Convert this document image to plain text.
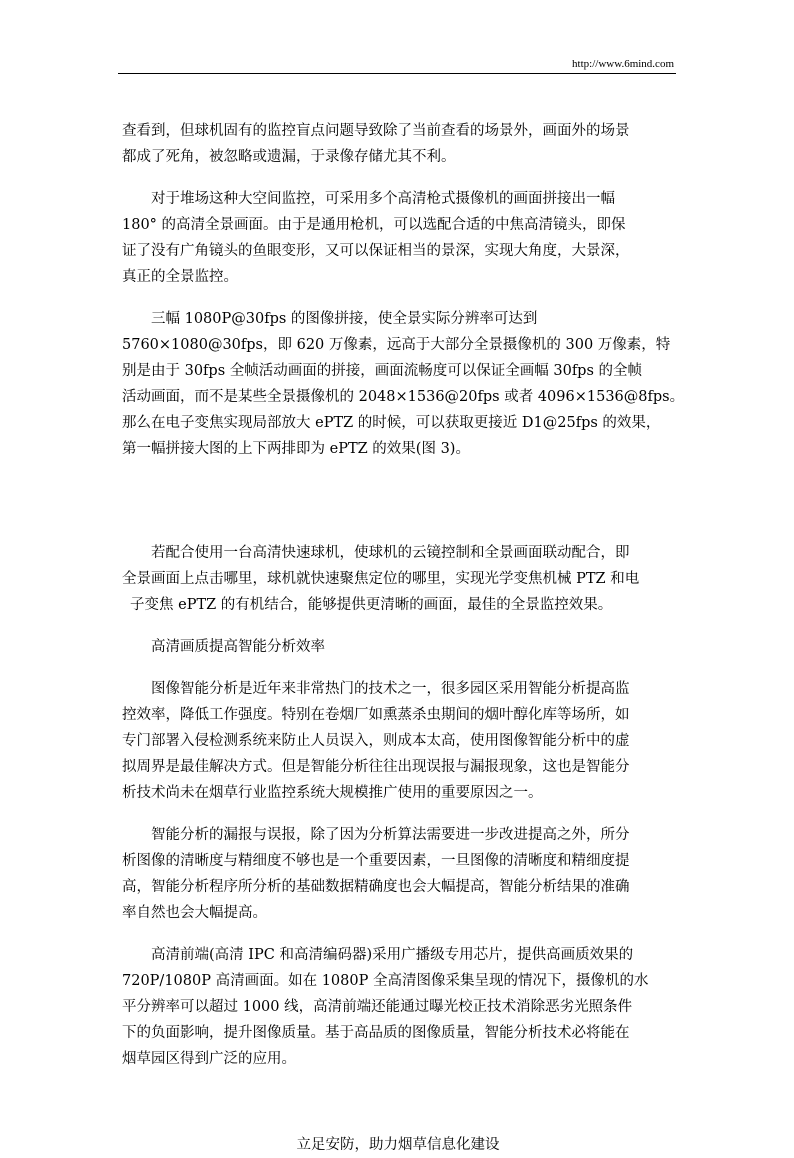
http://www.6mind.com

查看到，但球机固有的监控盲点问题导致除了当前查看的场景外，画面外的场景
都成了死角，被忽略或遗漏，于录像存储尤其不利。

对于堆场这种大空间监控，可采用多个高清枪式摄像机的画面拼接出一幅
180° 的高清全景画面。由于是通用枪机，可以选配合适的中焦高清镜头，即保
证了没有广角镜头的鱼眼变形，又可以保证相当的景深，实现大角度，大景深，
真正的全景监控。

三幅 1080P@30fps 的图像拼接，使全景实际分辨率可达到
5760×1080@30fps，即 620 万像素，远高于大部分全景摄像机的 300 万像素，特
别是由于 30fps 全帧活动画面的拼接，画面流畅度可以保证全画幅 30fps 的全帧
活动画面，而不是某些全景摄像机的 2048×1536@20fps 或者 4096×1536@8fps。
那么在电子变焦实现局部放大 ePTZ 的时候，可以获取更接近 D1@25fps 的效果，
第一幅拼接大图的上下两排即为 ePTZ 的效果(图 3)。

若配合使用一台高清快速球机，使球机的云镜控制和全景画面联动配合，即
全景画面上点击哪里，球机就快速聚焦定位的哪里，实现光学变焦机械 PTZ 和电
子变焦 ePTZ 的有机结合，能够提供更清晰的画面，最佳的全景监控效果。

高清画质提高智能分析效率

图像智能分析是近年来非常热门的技术之一，很多园区采用智能分析提高监
控效率，降低工作强度。特别在卷烟厂如熏蒸杀虫期间的烟叶醇化库等场所，如
专门部署入侵检测系统来防止人员误入，则成本太高，使用图像智能分析中的虚
拟周界是最佳解决方式。但是智能分析往往出现误报与漏报现象，这也是智能分
析技术尚未在烟草行业监控系统大规模推广使用的重要原因之一。

智能分析的漏报与误报，除了因为分析算法需要进一步改进提高之外，所分
析图像的清晰度与精细度不够也是一个重要因素，一旦图像的清晰度和精细度提
高，智能分析程序所分析的基础数据精确度也会大幅提高，智能分析结果的准确
率自然也会大幅提高。

高清前端(高清 IPC 和高清编码器)采用广播级专用芯片，提供高画质效果的
720P/1080P 高清画面。如在 1080P 全高清图像采集呈现的情况下，摄像机的水
平分辨率可以超过 1000 线，高清前端还能通过曝光校正技术消除恶劣光照条件
下的负面影响，提升图像质量。基于高品质的图像质量，智能分析技术必将能在
烟草园区得到广泛的应用。

立足安防，助力烟草信息化建设
